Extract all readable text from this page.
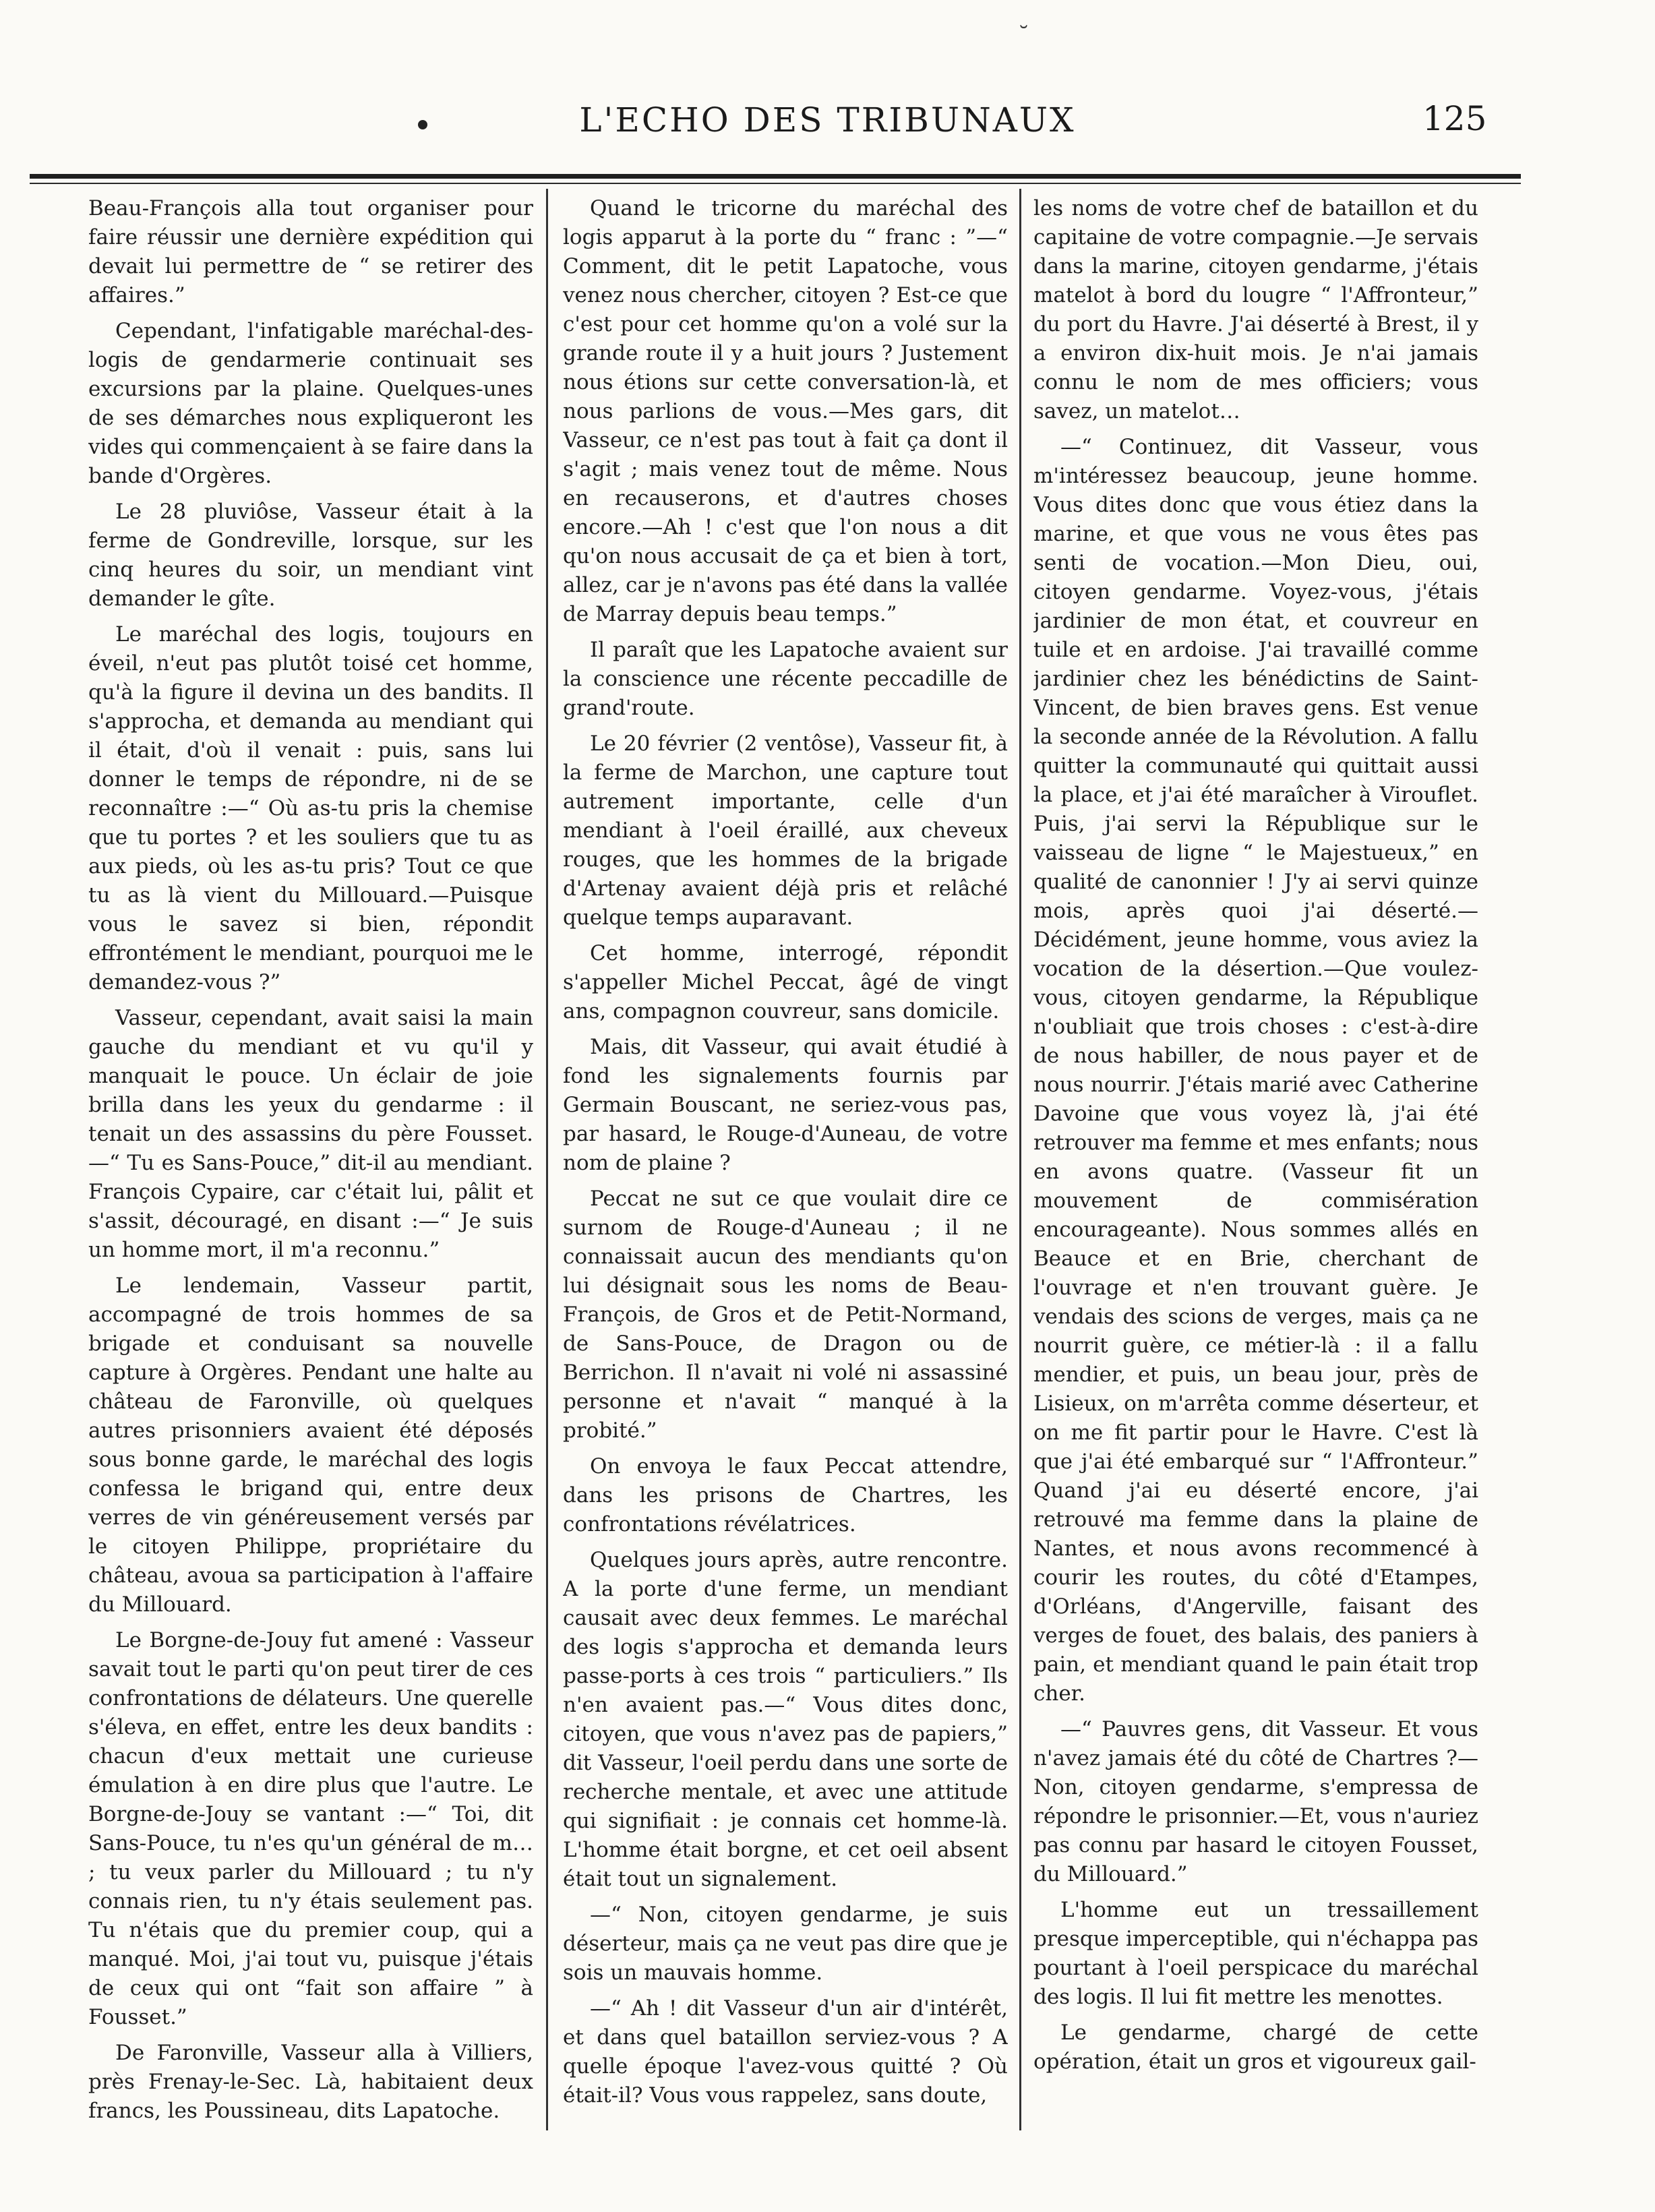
˘
L'ECHO DES TRIBUNAUX	125

Beau-François alla tout organiser pour faire réussir une dernière expédition qui devait lui permettre de “ se retirer des affaires.”

Cependant, l'infatigable maréchal-des-logis de gendarmerie continuait ses excursions par la plaine. Quelques-unes de ses démarches nous expliqueront les vides qui commençaient à se faire dans la bande d'Orgères.

Le 28 pluviôse, Vasseur était à la ferme de Gondreville, lorsque, sur les cinq heures du soir, un mendiant vint demander le gîte.

Le maréchal des logis, toujours en éveil, n'eut pas plutôt toisé cet homme, qu'à la figure il devina un des bandits. Il s'approcha, et demanda au mendiant qui il était, d'où il venait : puis, sans lui donner le temps de répondre, ni de se reconnaître :—“ Où as-tu pris la chemise que tu portes ? et les souliers que tu as aux pieds, où les as-tu pris? Tout ce que tu as là vient du Millouard.—Puisque vous le savez si bien, répondit effrontément le mendiant, pourquoi me le demandez-vous ?”

Vasseur, cependant, avait saisi la main gauche du mendiant et vu qu'il y manquait le pouce. Un éclair de joie brilla dans les yeux du gendarme : il tenait un des assassins du père Fousset.—“ Tu es Sans-Pouce,” dit-il au mendiant. François Cypaire, car c'était lui, pâlit et s'assit, découragé, en disant :—“ Je suis un homme mort, il m'a reconnu.”

Le lendemain, Vasseur partit, accompagné de trois hommes de sa brigade et conduisant sa nouvelle capture à Orgères. Pendant une halte au château de Faronville, où quelques autres prisonniers avaient été déposés sous bonne garde, le maréchal des logis confessa le brigand qui, entre deux verres de vin généreusement versés par le citoyen Philippe, propriétaire du château, avoua sa participation à l'affaire du Millouard.

Le Borgne-de-Jouy fut amené : Vasseur savait tout le parti qu'on peut tirer de ces confrontations de délateurs. Une querelle s'éleva, en effet, entre les deux bandits : chacun d'eux mettait une curieuse émulation à en dire plus que l'autre. Le Borgne-de-Jouy se vantant :—“ Toi, dit Sans-Pouce, tu n'es qu'un général de m… ; tu veux parler du Millouard ; tu n'y connais rien, tu n'y étais seulement pas. Tu n'étais que du premier coup, qui a manqué. Moi, j'ai tout vu, puisque j'étais de ceux qui ont “fait son affaire ” à Fousset.”

De Faronville, Vasseur alla à Villiers, près Frenay-le-Sec. Là, habitaient deux francs, les Poussineau, dits Lapatoche.

Quand le tricorne du maréchal des logis apparut à la porte du “ franc : ”—“ Comment, dit le petit Lapatoche, vous venez nous chercher, citoyen ? Est-ce que c'est pour cet homme qu'on a volé sur la grande route il y a huit jours ? Justement nous étions sur cette conversation-là, et nous parlions de vous.—Mes gars, dit Vasseur, ce n'est pas tout à fait ça dont il s'agit ; mais venez tout de même. Nous en recauserons, et d'autres choses encore.—Ah ! c'est que l'on nous a dit qu'on nous accusait de ça et bien à tort, allez, car je n'avons pas été dans la vallée de Marray depuis beau temps.”

Il paraît que les Lapatoche avaient sur la conscience une récente peccadille de grand'route.

Le 20 février (2 ventôse), Vasseur fit, à la ferme de Marchon, une capture tout autrement importante, celle d'un mendiant à l'oeil éraillé, aux cheveux rouges, que les hommes de la brigade d'Artenay avaient déjà pris et relâché quelque temps auparavant.

Cet homme, interrogé, répondit s'appeller Michel Peccat, âgé de vingt ans, compagnon couvreur, sans domicile.

Mais, dit Vasseur, qui avait étudié à fond les signalements fournis par Germain Bouscant, ne seriez-vous pas, par hasard, le Rouge-d'Auneau, de votre nom de plaine ?

Peccat ne sut ce que voulait dire ce surnom de Rouge-d'Auneau ; il ne connaissait aucun des mendiants qu'on lui désignait sous les noms de Beau-François, de Gros et de Petit-Normand, de Sans-Pouce, de Dragon ou de Berrichon. Il n'avait ni volé ni assassiné personne et n'avait “ manqué à la probité.”

On envoya le faux Peccat attendre, dans les prisons de Chartres, les confrontations révélatrices.

Quelques jours après, autre rencontre. A la porte d'une ferme, un mendiant causait avec deux femmes. Le maréchal des logis s'approcha et demanda leurs passe-ports à ces trois “ particuliers.” Ils n'en avaient pas.—“ Vous dites donc, citoyen, que vous n'avez pas de papiers,” dit Vasseur, l'oeil perdu dans une sorte de recherche mentale, et avec une attitude qui signifiait : je connais cet homme-là. L'homme était borgne, et cet oeil absent était tout un signalement.

—“ Non, citoyen gendarme, je suis déserteur, mais ça ne veut pas dire que je sois un mauvais homme.

—“ Ah ! dit Vasseur d'un air d'intérêt, et dans quel bataillon serviez-vous ? A quelle époque l'avez-vous quitté ? Où était-il? Vous vous rappelez, sans doute,

les noms de votre chef de bataillon et du capitaine de votre compagnie.—Je servais dans la marine, citoyen gendarme, j'étais matelot à bord du lougre “ l'Affronteur,” du port du Havre. J'ai déserté à Brest, il y a environ dix-huit mois. Je n'ai jamais connu le nom de mes officiers; vous savez, un matelot…

—“ Continuez, dit Vasseur, vous m'intéressez beaucoup, jeune homme. Vous dites donc que vous étiez dans la marine, et que vous ne vous êtes pas senti de vocation.—Mon Dieu, oui, citoyen gendarme. Voyez-vous, j'étais jardinier de mon état, et couvreur en tuile et en ardoise. J'ai travaillé comme jardinier chez les bénédictins de Saint-Vincent, de bien braves gens. Est venue la seconde année de la Révolution. A fallu quitter la communauté qui quittait aussi la place, et j'ai été maraîcher à Virouflet. Puis, j'ai servi la République sur le vaisseau de ligne “ le Majestueux,” en qualité de canonnier ! J'y ai servi quinze mois, après quoi j'ai déserté.—Décidément, jeune homme, vous aviez la vocation de la désertion.—Que voulez-vous, citoyen gendarme, la République n'oubliait que trois choses : c'est-à-dire de nous habiller, de nous payer et de nous nourrir. J'étais marié avec Catherine Davoine que vous voyez là, j'ai été retrouver ma femme et mes enfants; nous en avons quatre. (Vasseur fit un mouvement de commisération encourageante). Nous sommes allés en Beauce et en Brie, cherchant de l'ouvrage et n'en trouvant guère. Je vendais des scions de verges, mais ça ne nourrit guère, ce métier-là : il a fallu mendier, et puis, un beau jour, près de Lisieux, on m'arrêta comme déserteur, et on me fit partir pour le Havre. C'est là que j'ai été embarqué sur “ l'Affronteur.” Quand j'ai eu déserté encore, j'ai retrouvé ma femme dans la plaine de Nantes, et nous avons recommencé à courir les routes, du côté d'Etampes, d'Orléans, d'Angerville, faisant des verges de fouet, des balais, des paniers à pain, et mendiant quand le pain était trop cher.

—“ Pauvres gens, dit Vasseur. Et vous n'avez jamais été du côté de Chartres ?—Non, citoyen gendarme, s'empressa de répondre le prisonnier.—Et, vous n'auriez pas connu par hasard le citoyen Fousset, du Millouard.”

L'homme eut un tressaillement presque imperceptible, qui n'échappa pas pourtant à l'oeil perspicace du maréchal des logis. Il lui fit mettre les menottes.

Le gendarme, chargé de cette opération, était un gros et vigoureux gail-
